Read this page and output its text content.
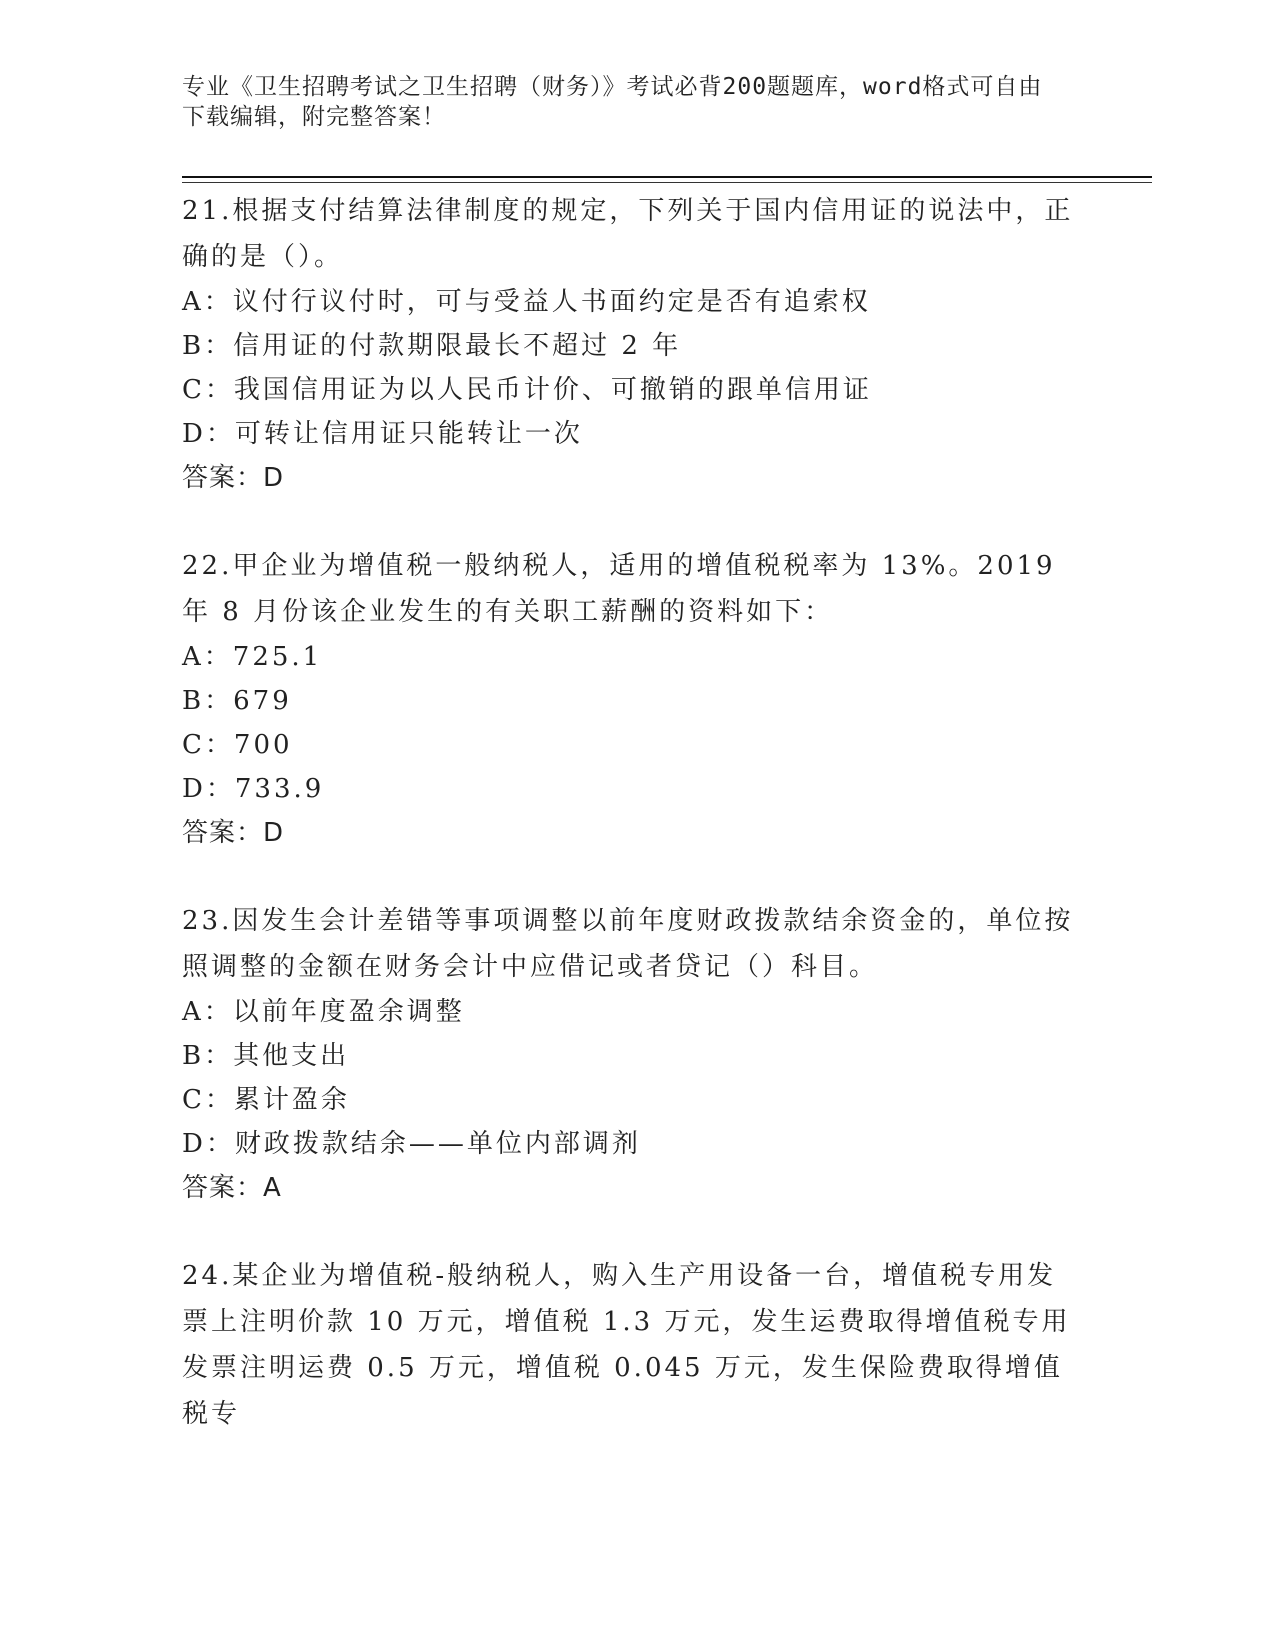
专业《卫生招聘考试之卫生招聘（财务）》考试必背200题题库，word格式可自由下载编辑，附完整答案！

21.根据支付结算法律制度的规定，下列关于国内信用证的说法中，正确的是（）。

A：议付行议付时，可与受益人书面约定是否有追索权

B：信用证的付款期限最长不超过 2 年

C：我国信用证为以人民币计价、可撤销的跟单信用证

D：可转让信用证只能转让一次

答案：D

22.甲企业为增值税一般纳税人，适用的增值税税率为 13%。2019 年 8 月份该企业发生的有关职工薪酬的资料如下：

A：725.1

B：679

C：700

D：733.9

答案：D

23.因发生会计差错等事项调整以前年度财政拨款结余资金的，单位按照调整的金额在财务会计中应借记或者贷记（）科目。

A：以前年度盈余调整

B：其他支出

C：累计盈余

D：财政拨款结余——单位内部调剂

答案：A

24.某企业为增值税-般纳税人，购入生产用设备一台，增值税专用发票上注明价款 10 万元，增值税 1.3 万元，发生运费取得增值税专用发票注明运费 0.5 万元，增值税 0.045 万元，发生保险费取得增值税专
